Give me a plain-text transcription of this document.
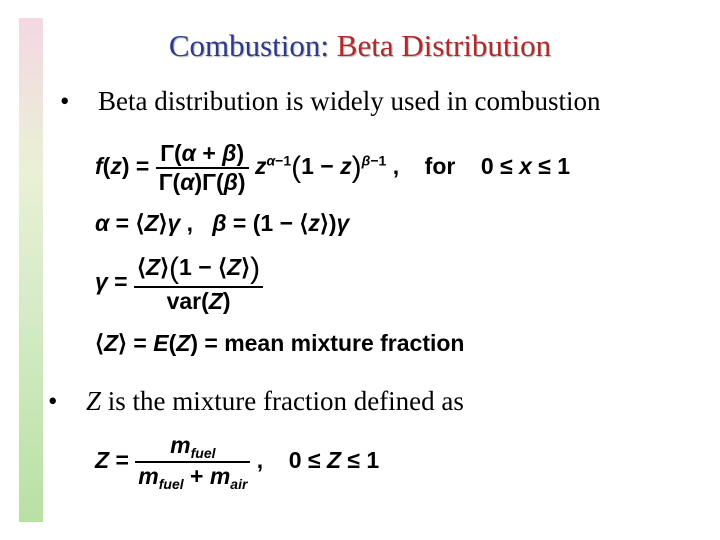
Combustion: Beta Distribution
• Beta distribution is widely used in combustion
$f(z) = \frac{\Gamma(\alpha + \beta)}{\Gamma(\alpha)\Gamma(\beta)} z^{\alpha-1}(1 - z)^{\beta-1}$ ,    for    0 ≤ x ≤ 1
α = ⟨Z⟩γ ,   β = (1 − ⟨z⟩)γ
$\gamma = \frac{⟨Z⟩(1 - ⟨Z⟩)}{\text{var(Z)}}$
⟨Z⟩ = E(Z) = mean mixture fraction
• Z is the mixture fraction defined as
$Z = \frac{m_{fuel}}{m_{fuel} + m_{air}}$ ,    0 ≤ Z ≤ 1
